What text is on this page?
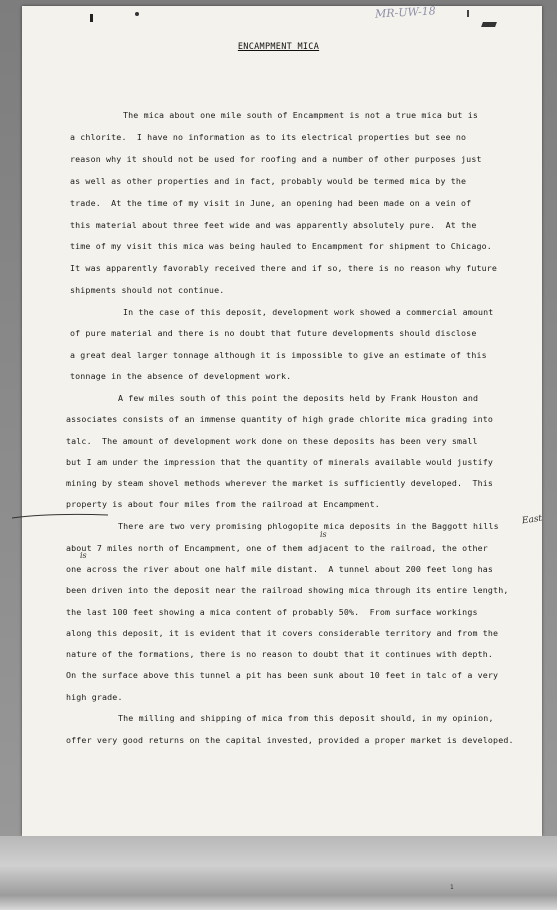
MR-UW-18
ENCAMPMENT MICA
The mica about one mile south of Encampment is not a true mica but is
a chlorite.  I have no information as to its electrical properties but see no
reason why it should not be used for roofing and a number of other purposes just
as well as other properties and in fact, probably would be termed mica by the
trade.  At the time of my visit in June, an opening had been made on a vein of
this material about three feet wide and was apparently absolutely pure.  At the
time of my visit this mica was being hauled to Encampment for shipment to Chicago.
It was apparently favorably received there and if so, there is no reason why future
shipments should not continue.
In the case of this deposit, development work showed a commercial amount
of pure material and there is no doubt that future developments should disclose
a great deal larger tonnage although it is impossible to give an estimate of this
tonnage in the absence of development work.
A few miles south of this point the deposits held by Frank Houston and
associates consists of an immense quantity of high grade chlorite mica grading into
talc.  The amount of development work done on these deposits has been very small
but I am under the impression that the quantity of minerals available would justify
mining by steam shovel methods wherever the market is sufficiently developed.  This
property is about four miles from the railroad at Encampment.
There are two very promising phlogopite mica deposits in the Baggott hills
about 7 miles north of Encampment, one of them adjacent to the railroad, the other
one across the river about one half mile distant.  A tunnel about 200 feet long has
been driven into the deposit near the railroad showing mica through its entire length,
the last 100 feet showing a mica content of probably 50%.  From surface workings
along this deposit, it is evident that it covers considerable territory and from the
nature of the formations, there is no reason to doubt that it continues with depth.
On the surface above this tunnel a pit has been sunk about 10 feet in talc of a very
high grade.
The milling and shipping of mica from this deposit should, in my opinion,
offer very good returns on the capital invested, provided a proper market is developed.
East
is
is
1
